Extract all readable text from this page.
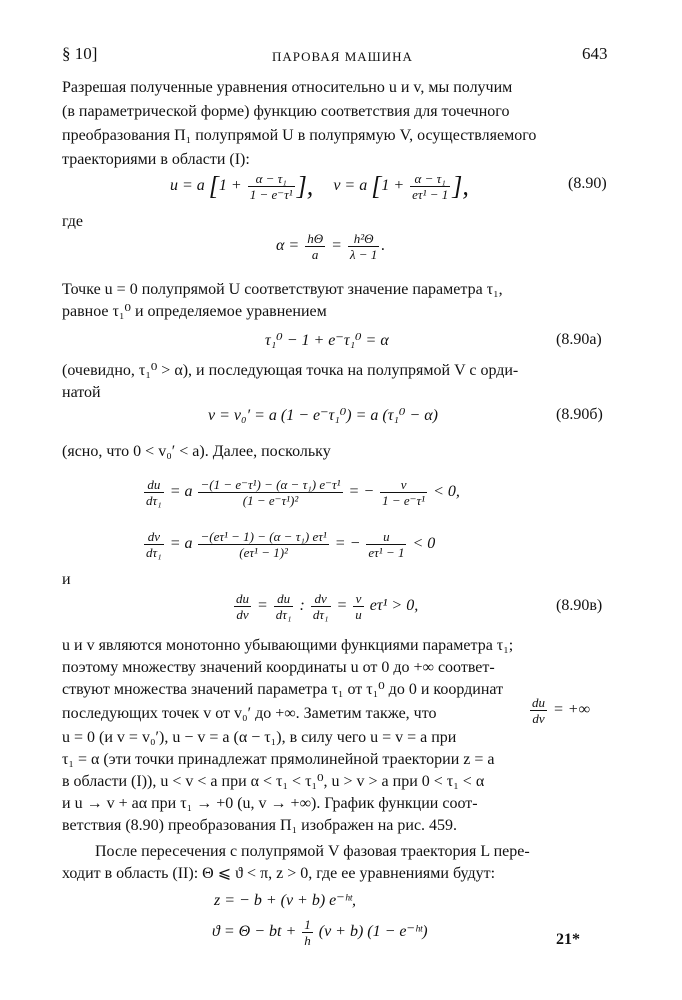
§ 10]	ПАРОВАЯ МАШИНА	643
Разрешая полученные уравнения относительно u и v, мы получим
(в параметрической форме) функцию соответствия для точечного
преобразования Π₁ полупрямой U в полупрямую V, осуществляемого
траекториями в области (I):
u = a [$1 + \frac{\text{α − τ₁}}{\text{1 − e⁻τ¹}}$ ], v = a [$1 + \frac{\text{α − τ₁}}{\text{eτ¹ − 1}}$ ],	(8.90)
где
$\alpha = \frac{h\Theta}{a} = \frac{\text{h²Θ}}{\lambda - 1}$ .
Точке u = 0 полупрямой U соответствуют значение параметра τ₁,
равное τ₁⁰ и определяемое уравнением
τ₁⁰ − 1 + e⁻τ₁⁰ = α	(8.90a)
(очевидно, τ₁⁰ > α), и последующая точка на полупрямой V с орди-
натой
v = v₀′ = a (1 − e⁻τ₁⁰) = a (τ₁⁰ − α)	(8.90б)
(ясно, что 0 < v₀′ < a). Далее, поскольку
$\frac{du}{\text{dτ₁}} = a \frac{\text{−(1 − e⁻τ¹) − (α − τ₁) e⁻τ¹}}{\text{(1 − e⁻τ¹)²}}$ = − $\frac{v}{\text{1 − e⁻τ¹}} < 0$,
$\frac{dv}{\text{dτ₁}} = a \frac{\text{−(eτ¹ − 1) − (α − τ₁) eτ¹}}{\text{(eτ¹ − 1)²}}$ = − $\frac{u}{\text{eτ¹ − 1}} < 0$
и
$\frac{du}{dv} = \frac{du}{\text{dτ₁}}$ : $\frac{dv}{\text{dτ₁}} = \frac{v}{u} e\tau^1 > 0$,	(8.90в)
u и v являются монотонно убывающими функциями параметра τ₁;
поэтому множеству значений координаты u от 0 до +∞ соответ-
ствуют множества значений параметра τ₁ от τ₁⁰ до 0 и координат
последующих точек v от v₀′ до +∞. Заметим также, что	$\frac{du}{dv}$ = +∞
u = 0 (и v = v₀′), u − v = a (α − τ₁), в силу чего u = v = a при
τ₁ = α (эти точки принадлежат прямолинейной траектории z = a
в области (I)), u < v < a при α < τ₁ < τ₁⁰, u > v > a при 0 < τ₁ < α
и u → v + aα при τ₁ → +0 (u, v → +∞). График функции соот-
ветствия (8.90) преобразования Π₁ изображен на рис. 459.
После пересечения с полупрямой V фазовая траектория L пере-
ходит в область (II): Θ ⩽ ϑ < π, z > 0, где ее уравнениями будут:
z = − b + (v + b) e⁻ʰᵗ,
ϑ = Θ − bt + $\frac{1}{h} (v + b) (1$ − e⁻ʰᵗ)	21*
